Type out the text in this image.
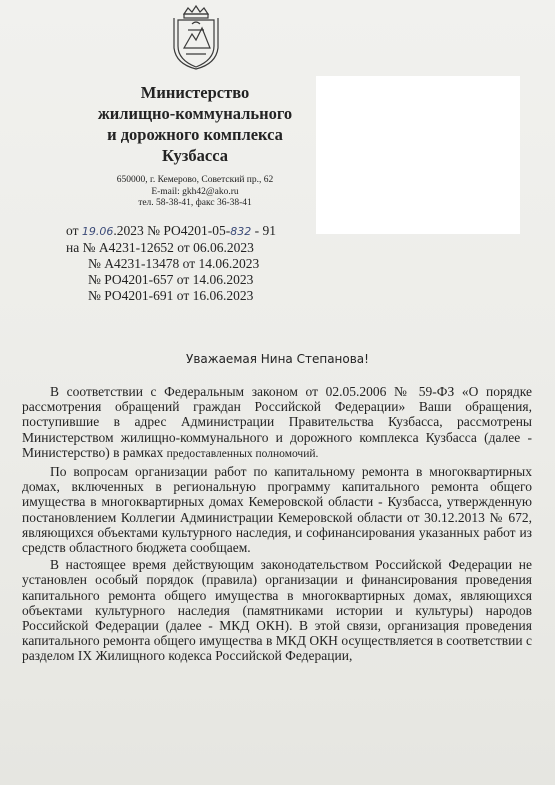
Министерство
жилищно-коммунального
и дорожного комплекса
Кузбасса
650000, г. Кемерово, Советский пр., 62
E-mail: gkh42@ako.ru
тел. 58-38-41, факс 36-38-41
от 19.06.2023 № РО4201-05-832 - 91
на № А4231-12652 от 06.06.2023
№ А4231-13478 от 14.06.2023
№ РО4201-657 от 14.06.2023
№ РО4201-691 от 16.06.2023
Уважаемая Нина Степанова!

В соответствии с Федеральным законом от 02.05.2006 № 59-ФЗ «О порядке рассмотрения обращений граждан Российской Федерации» Ваши обращения, поступившие в адрес Администрации Правительства Кузбасса, рассмотрены Министерством жилищно-коммунального и дорожного комплекса Кузбасса (далее - Министерство) в рамках предоставленных полномочий.

По вопросам организации работ по капитальному ремонта в многоквартирных домах, включенных в региональную программу капитального ремонта общего имущества в многоквартирных домах Кемеровской области - Кузбасса, утвержденную постановлением Коллегии Администрации Кемеровской области от 30.12.2013 № 672, являющихся объектами культурного наследия, и софинансирования указанных работ из средств областного бюджета сообщаем.

В настоящее время действующим законодательством Российской Федерации не установлен особый порядок (правила) организации и финансирования проведения капитального ремонта общего имущества в многоквартирных домах, являющихся объектами культурного наследия (памятниками истории и культуры) народов Российской Федерации (далее - МКД ОКН). В этой связи, организация проведения капитального ремонта общего имущества в МКД ОКН осуществляется в соответствии с разделом IX Жилищного кодекса Российской Федерации,
